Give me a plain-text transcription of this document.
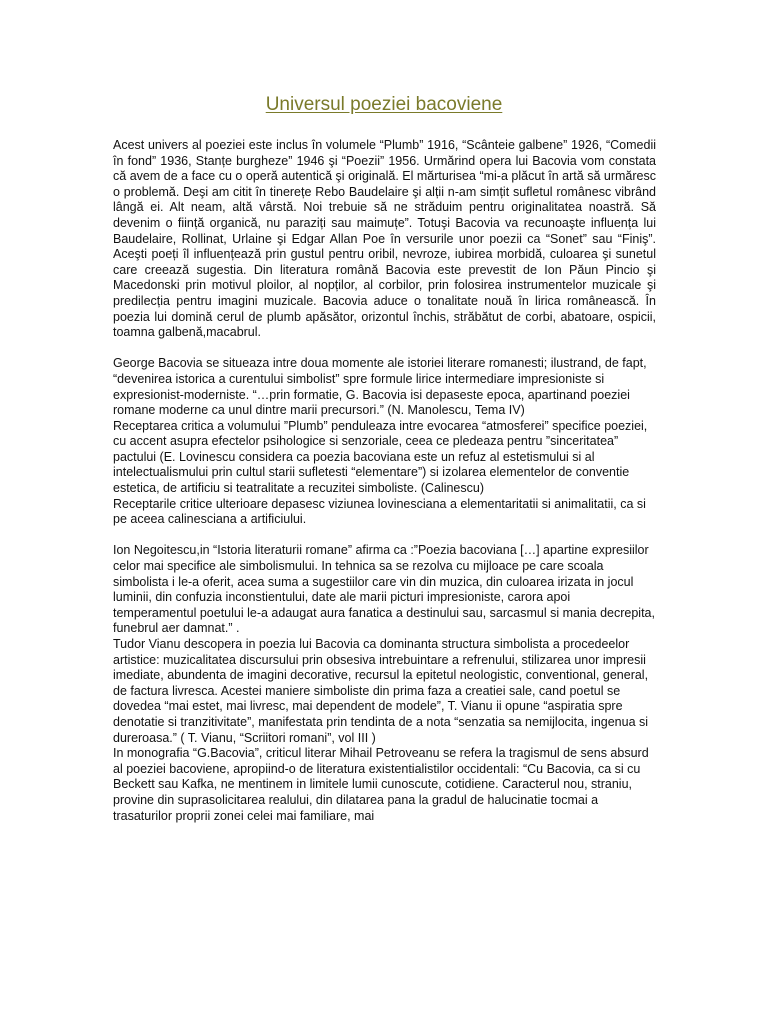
Universul poeziei bacoviene

Acest univers al poeziei este inclus în volumele “Plumb” 1916, “Scânteie galbene” 1926, “Comedii în fond” 1936, Stanțe burgheze” 1946 şi “Poezii” 1956. Urmărind opera lui Bacovia vom constata că avem de a face cu o operă autentică şi originală. El mărturisea “mi-a plăcut în artă să urmăresc o problemă. Deşi am citit în tinerețe Rebo Baudelaire şi alții n-am simțit sufletul românesc vibrând lângă ei. Alt neam, altă vârstă. Noi trebuie să ne străduim pentru originalitatea noastră. Să devenim o ființă organică, nu paraziți sau maimuțe”. Totuşi Bacovia va recunoaşte influența lui Baudelaire, Rollinat, Urlaine şi Edgar Allan Poe în versurile unor poezii ca “Sonet” sau “Finiş”. Aceşti poeți îl influențează prin gustul pentru oribil, nevroze, iubirea morbidă, culoarea şi sunetul care creează sugestia. Din literatura română Bacovia este prevestit de Ion Păun Pincio şi Macedonski prin motivul ploilor, al nopților, al corbilor, prin folosirea instrumentelor muzicale şi predilecția pentru imagini muzicale. Bacovia aduce o tonalitate nouă în lirica românească. În poezia lui domină cerul de plumb apăsător, orizontul închis, străbătut de corbi, abatoare, ospicii, toamna galbenă,macabrul.

George Bacovia se situeaza intre doua momente ale istoriei literare romanesti; ilustrand, de fapt, “devenirea istorica a curentului simbolist” spre formule lirice intermediare impresioniste si expresionist-moderniste. “…prin formatie, G. Bacovia isi depaseste epoca, apartinand poeziei romane moderne ca unul dintre marii precursori.” (N. Manolescu, Tema IV)

Receptarea critica a volumului ”Plumb” penduleaza intre evocarea “atmosferei” specifice poeziei, cu accent asupra efectelor psihologice si senzoriale, ceea ce pledeaza pentru ”sinceritatea” pactului (E. Lovinescu considera ca poezia bacoviana este un refuz al estetismului si al intelectualismului prin cultul starii sufletesti “elementare”) si izolarea elementelor de conventie estetica, de artificiu si teatralitate a recuzitei simboliste. (Calinescu)

Receptarile critice ulterioare depasesc viziunea lovinesciana a elementaritatii si animalitatii, ca si pe aceea calinesciana a artificiului.

Ion Negoitescu,in “Istoria literaturii romane” afirma ca :”Poezia bacoviana […] apartine expresiilor celor mai specifice ale simbolismului. In tehnica sa se rezolva cu mijloace pe care scoala simbolista i le-a oferit, acea suma a sugestiilor care vin din muzica, din culoarea irizata in jocul luminii, din confuzia inconstientului, date ale marii picturi impresioniste, carora apoi temperamentul poetului le-a adaugat aura fanatica a destinului sau, sarcasmul si mania decrepita, funebrul aer damnat.” .

Tudor Vianu descopera in poezia lui Bacovia ca dominanta structura simbolista a procedeelor artistice: muzicalitatea discursului prin obsesiva intrebuintare a refrenului, stilizarea unor impresii imediate, abundenta de imagini decorative, recursul la epitetul neologistic, conventional, general, de factura livresca. Acestei maniere simboliste din prima faza a creatiei sale, cand poetul se dovedea “mai estet, mai livresc, mai dependent de modele”, T. Vianu ii opune “aspiratia spre denotatie si tranzitivitate”, manifestata prin tendinta de a nota “senzatia sa nemijlocita, ingenua si dureroasa.” ( T. Vianu, “Scriitori romani”, vol III )

In monografia “G.Bacovia”, criticul literar Mihail Petroveanu se refera la tragismul de sens absurd al poeziei bacoviene, apropiind-o de literatura existentialistilor occidentali: “Cu Bacovia, ca si cu Beckett sau Kafka, ne mentinem in limitele lumii cunoscute, cotidiene. Caracterul nou, straniu, provine din suprasolicitarea realului, din dilatarea pana la gradul de halucinatie tocmai a trasaturilor proprii zonei celei mai familiare, mai
